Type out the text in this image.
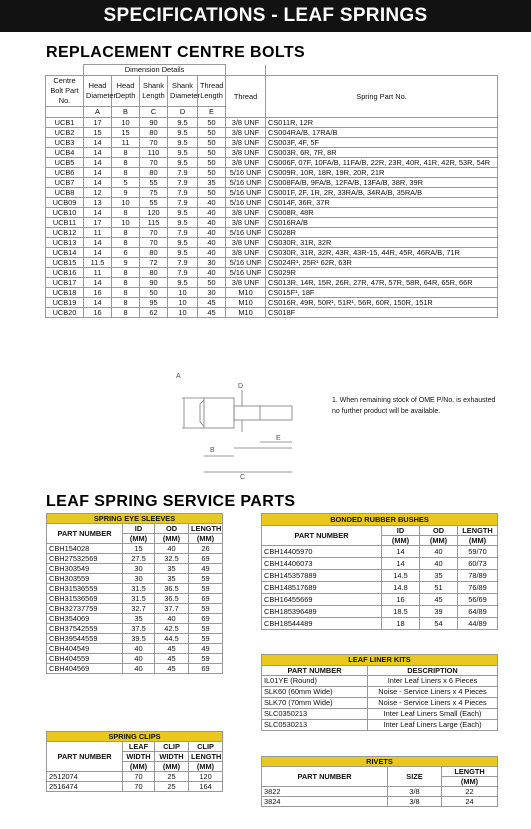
SPECIFICATIONS - LEAF SPRINGS
REPLACEMENT CENTRE BOLTS
	Dimension Details						
Centre Bolt Part No.	Head Diameter	Head Depth	Shank Length	Shank Diameter	Thread Length	Thread	Spring Part No.
	A	B	C	D	E		
UCB1	17	10	90	9.5	50	3/8 UNF	CS011R, 12R
UCB2	15	15	80	9.5	50	3/8 UNF	CS004RA/B, 17RA/B
UCB3	14	11	70	9.5	50	3/8 UNF	CS003F, 4F, 5F
UCB4	14	8	110	9.5	50	3/8 UNF	CS003R, 6R, 7R, 8R
UCB5	14	8	70	9.5	50	3/8 UNF	CS006F, 07F, 10FA/B, 11FA/B, 22R, 23R, 40R, 41R, 42R, 53R, 54R
UCB6	14	8	80	7.9	50	5/16 UNF	CS009R, 10R, 18R, 19R, 20R, 21R
UCB7	14	5	55	7.9	35	5/16 UNF	CS008FA/B, 9FA/B, 12FA/B, 13FA/B, 38R, 39R
UCB8	12	9	75	7.9	50	5/16 UNF	CS001F, 2F, 1R, 2R, 33RA/B, 34RA/B, 35RA/B
UCB09	13	10	55	7.9	40	5/16 UNF	CS014F, 36R, 37R
UCB10	14	8	120	9.5	40	3/8 UNF	CS008R, 48R
UCB11	17	10	115	9.5	40	3/8 UNF	CS016RA/B
UCB12	11	8	70	7.9	40	5/16 UNF	CS028R
UCB13	14	8	70	9.5	40	3/8 UNF	CS030R, 31R, 32R
UCB14	14	6	80	9.5	40	3/8 UNF	CS030R, 31R, 32R, 43R, 43R-15, 44R, 45R, 46RA/B, 71R
UCB15	11.5	9	72	7.9	30	5/16 UNF	CS024R¹, 25R¹ 62R, 63R
UCB16	11	8	80	7.9	40	5/16 UNF	CS029R
UCB17	14	8	90	9.5	50	3/8 UNF	CS013R, 14R, 15R, 26R, 27R, 47R, 57R, 58R, 64R, 65R, 66R
UCB18	16	8	50	10	30	M10	CS015F¹, 18F
UCB19	14	8	95	10	45	M10	CS016R, 49R, 50R¹, 51R¹, 56R, 60R, 150R, 151R
UCB20	16	8	62	10	45	M10	CS018F
A
B
C
D
E
1. When remaining stock of OME P/No. is exhausted no further product will be available.
LEAF SPRING SERVICE PARTS
SPRING EYE SLEEVES			
PART NUMBER	ID	OD	LENGTH
	(MM)	(MM)	(MM)
CBH154028	15	40	26
CBH27532569	27.5	32.5	69
CBH303549	30	35	49
CBH303559	30	35	59
CBH31536559	31.5	36.5	59
CBH31536569	31.5	36.5	69
CBH32737759	32.7	37.7	59
CBH354069	35	40	69
CBH37542559	37.5	42.5	59
CBH39544559	39.5	44.5	59
CBH404549	40	45	49
CBH404559	40	45	59
CBH404569	40	45	69
SPRING CLIPS			
PART NUMBER	LEAF	CLIP	CLIP
	WIDTH	WIDTH	LENGTH
	(MM)	(MM)	(MM)
2512074	70	25	120
2516474	70	25	164
BONDED RUBBER BUSHES			
PART NUMBER	ID	OD	LENGTH
	(MM)	(MM)	(MM)
CBH14405970	14	40	59/70
CBH14406073	14	40	60/73
CBH145357889	14.5	35	78/89
CBH148517689	14.8	51	76/89
CBH16455669	16	45	56/69
CBH185396489	18.5	39	64/89
CBH18544489	18	54	44/89
LEAF LINER KITS	
PART NUMBER	DESCRIPTION
IL01YE (Round)	Inter Leaf Liners x 6 Pieces
SLK60 (60mm Wide)	Noise - Service Liners x 4 Pieces
SLK70 (70mm Wide)	Noise - Service Liners x 4 Pieces
SLC0350213	Inter Leaf Liners Small (Each)
SLC0530213	Inter Leaf Liners Large (Each)
RIVETS		
PART NUMBER	SIZE	LENGTH
		(MM)
3822	3/8	22
3824	3/8	24
